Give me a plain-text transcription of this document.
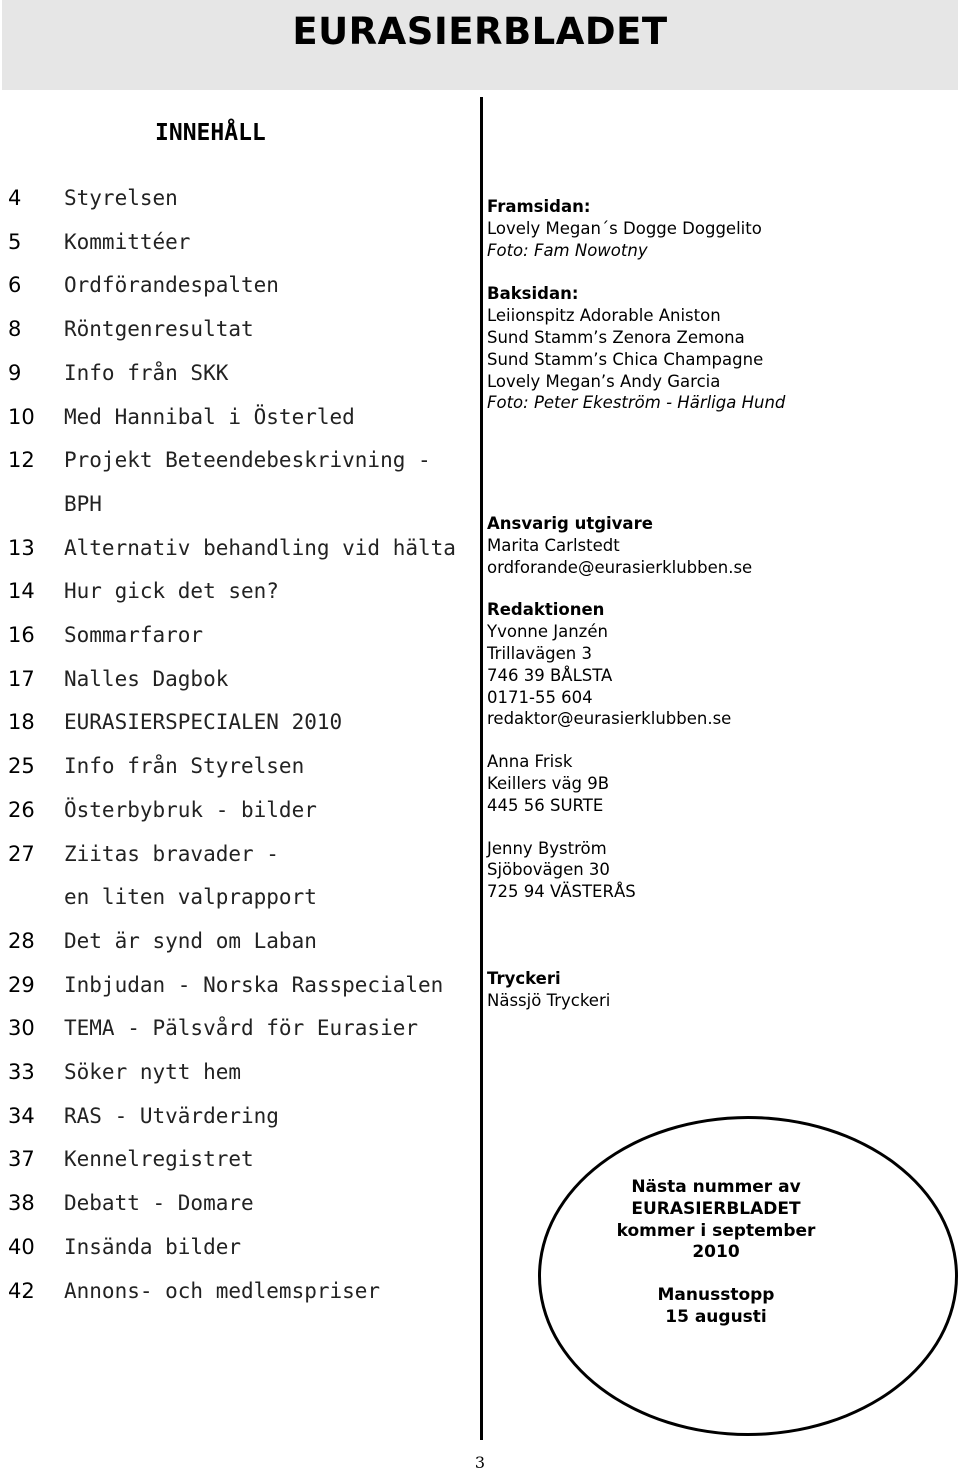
EURASIERBLADET
INNEHÅLL
4 Styrelsen
5 Kommittéer
6 Ordförandespalten
8 Röntgenresultat
9 Info från SKK
10 Med Hannibal i Österled
12 Projekt Beteendebeskrivning -
BPH
13 Alternativ behandling vid hälta
14 Hur gick det sen?
16 Sommarfaror
17 Nalles Dagbok
18 EURASIERSPECIALEN 2010
25 Info från Styrelsen
26 Österbybruk - bilder
27 Ziitas bravader -
en liten valprapport
28 Det är synd om Laban
29 Inbjudan - Norska Rasspecialen
30 TEMA - Pälsvård för Eurasier
33 Söker nytt hem
34 RAS - Utvärdering
37 Kennelregistret
38 Debatt - Domare
40 Insända bilder
42 Annons- och medlemspriser
Framsidan:
Lovely Megan´s Dogge Doggelito
Foto: Fam Nowotny
Baksidan:
Leiionspitz Adorable Aniston
Sund Stamm’s Zenora Zemona
Sund Stamm’s Chica Champagne
Lovely Megan’s Andy Garcia
Foto: Peter Ekeström - Härliga Hund
Ansvarig utgivare
Marita Carlstedt
ordforande@eurasierklubben.se
Redaktionen
Yvonne Janzén
Trillavägen 3
746 39 BÅLSTA
0171-55 604
redaktor@eurasierklubben.se
Anna Frisk
Keillers väg 9B
445 56 SURTE
Jenny Byström
Sjöbovägen 30
725 94 VÄSTERÅS
Tryckeri
Nässjö Tryckeri
Nästa nummer av
EURASIERBLADET
kommer i september
2010
Manusstopp
15 augusti
3
